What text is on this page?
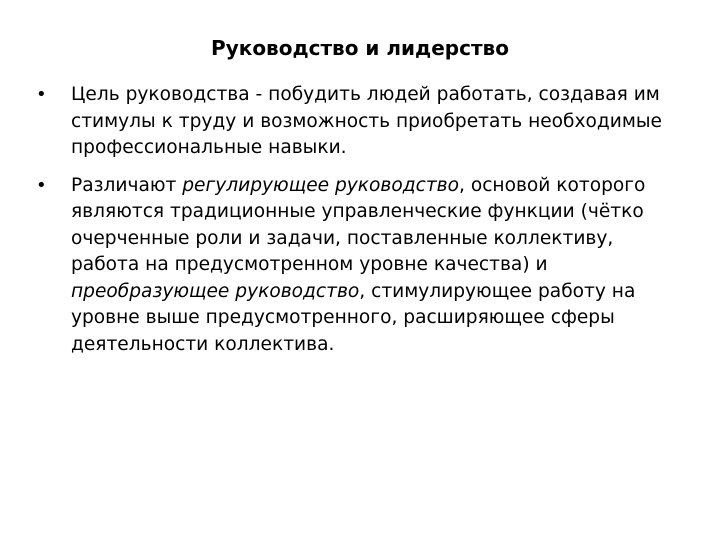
Руководство и лидерство
• Цель руководства - побудить людей работать, создавая им стимулы к труду и возможность приобретать необходимые профессиональные навыки.
• Различают регулирующее руководство, основой которого являются традиционные управленческие функции (чётко очерченные роли и задачи, поставленные коллективу, работа на предусмотренном уровне качества) и преобразующее руководство, стимулирующее работу на уровне выше предусмотренного, расширяющее сферы деятельности коллектива.
